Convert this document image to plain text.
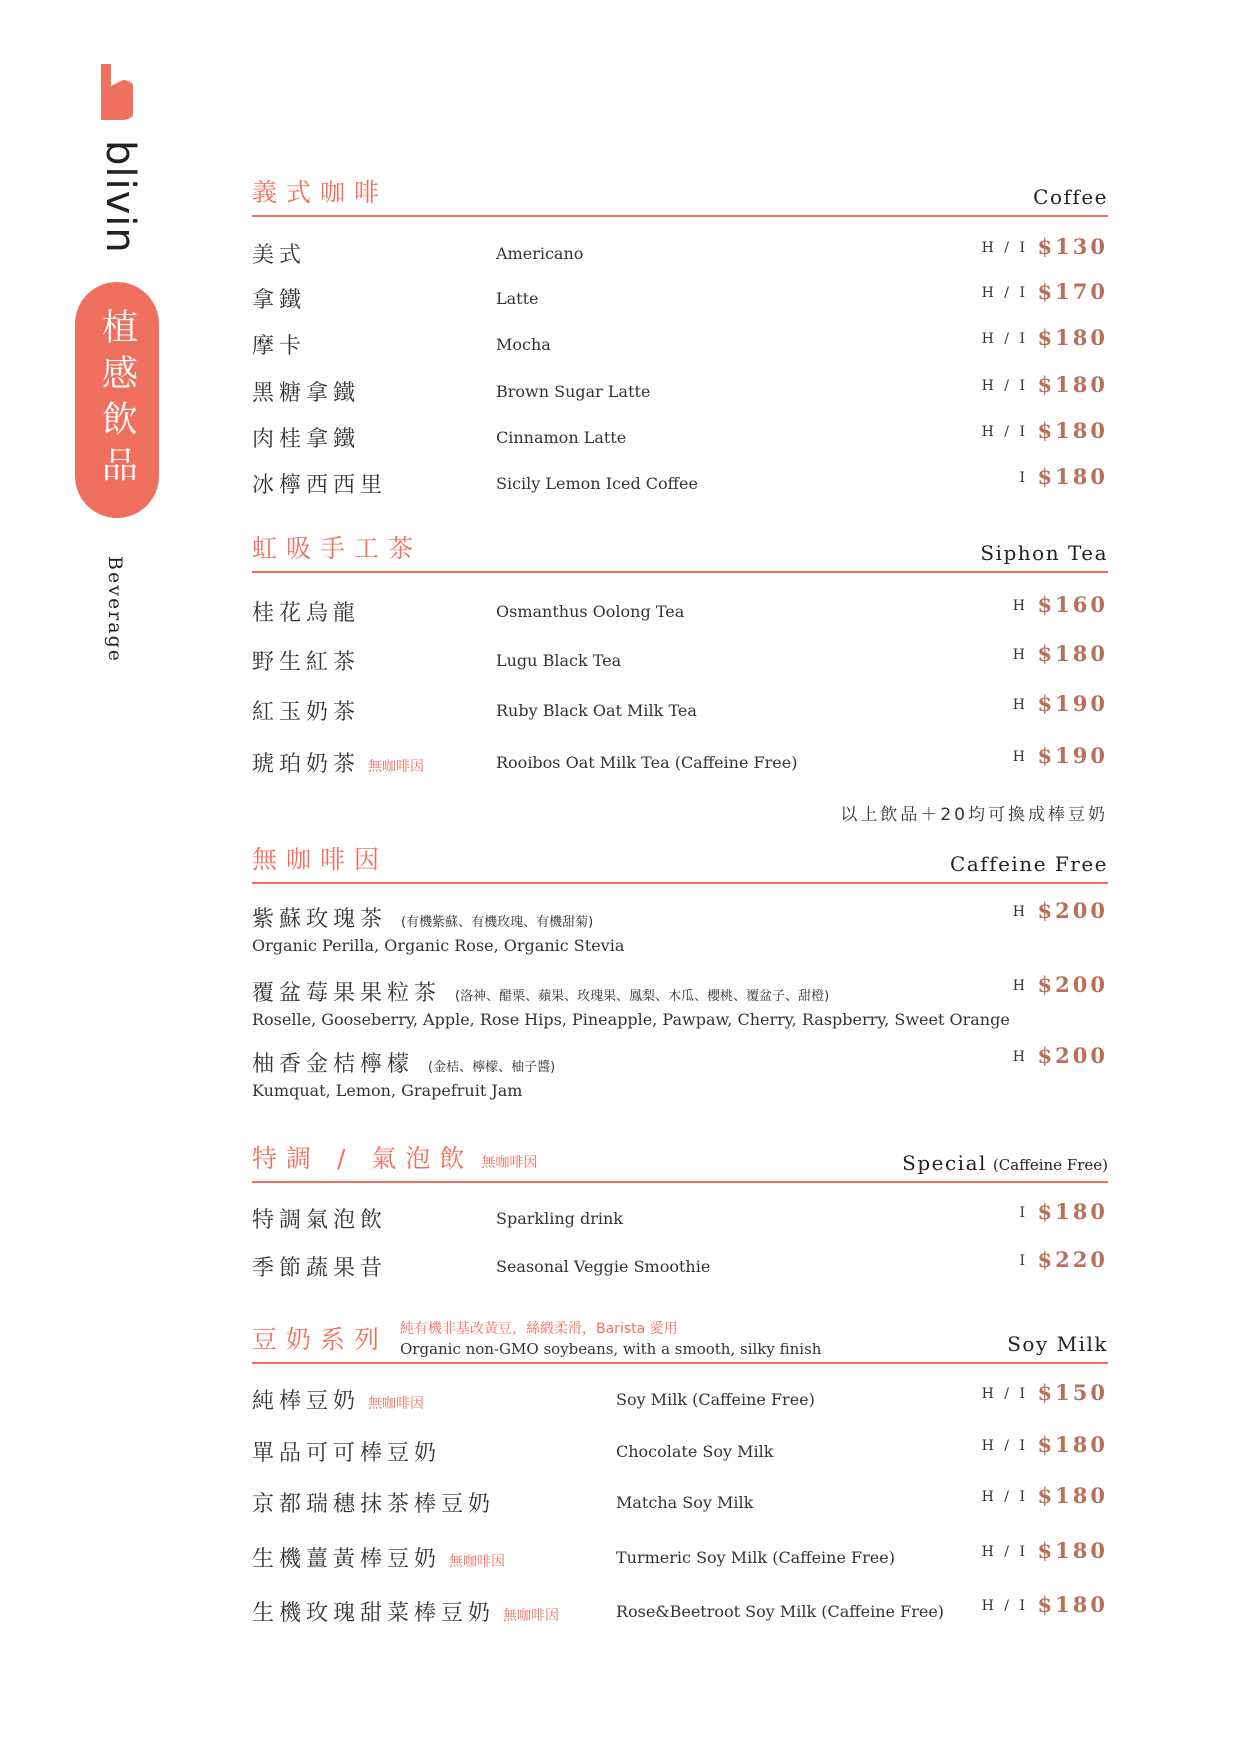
blivin
植感飲品
Beverage
義式咖啡	Coffee
美式	Americano	H / I $130
拿鐵	Latte	H / I $170
摩卡	Mocha	H / I $180
黑糖拿鐵	Brown Sugar Latte	H / I $180
肉桂拿鐵	Cinnamon Latte	H / I $180
冰檸西西里	Sicily Lemon Iced Coffee	I $180
虹吸手工茶	Siphon Tea
桂花烏龍	Osmanthus Oolong Tea	H $160
野生紅茶	Lugu Black Tea	H $180
紅玉奶茶	Ruby Black Oat Milk Tea	H $190
琥珀奶茶 無咖啡因	Rooibos Oat Milk Tea (Caffeine Free)	H $190
以上飲品＋20均可換成棒豆奶
無咖啡因	Caffeine Free
紫蘇玫瑰茶 (有機紫蘇、有機玫瑰、有機甜菊)
Organic Perilla, Organic Rose, Organic Stevia
H $200
覆盆莓果果粒茶 (洛神、醋栗、蘋果、玫瑰果、鳳梨、木瓜、櫻桃、覆盆子、甜橙)
Roselle, Gooseberry, Apple, Rose Hips, Pineapple, Pawpaw, Cherry, Raspberry, Sweet Orange
H $200
柚香金桔檸檬 (金桔、檸檬、柚子醬)
Kumquat, Lemon, Grapefruit Jam
H $200
特調 / 氣泡飲 無咖啡因	Special (Caffeine Free)
特調氣泡飲	Sparkling drink	I $180
季節蔬果昔	Seasonal Veggie Smoothie	I $220
豆奶系列 純有機非基改黃豆，絲緞柔滑，Barista 愛用
Organic non-GMO soybeans, with a smooth, silky finish	Soy Milk
純棒豆奶 無咖啡因	Soy Milk (Caffeine Free)	H / I $150
單品可可棒豆奶	Chocolate Soy Milk	H / I $180
京都瑞穗抹茶棒豆奶	Matcha Soy Milk	H / I $180
生機薑黃棒豆奶 無咖啡因	Turmeric Soy Milk (Caffeine Free)	H / I $180
生機玫瑰甜菜棒豆奶 無咖啡因	Rose&Beetroot Soy Milk (Caffeine Free)	H / I $180
